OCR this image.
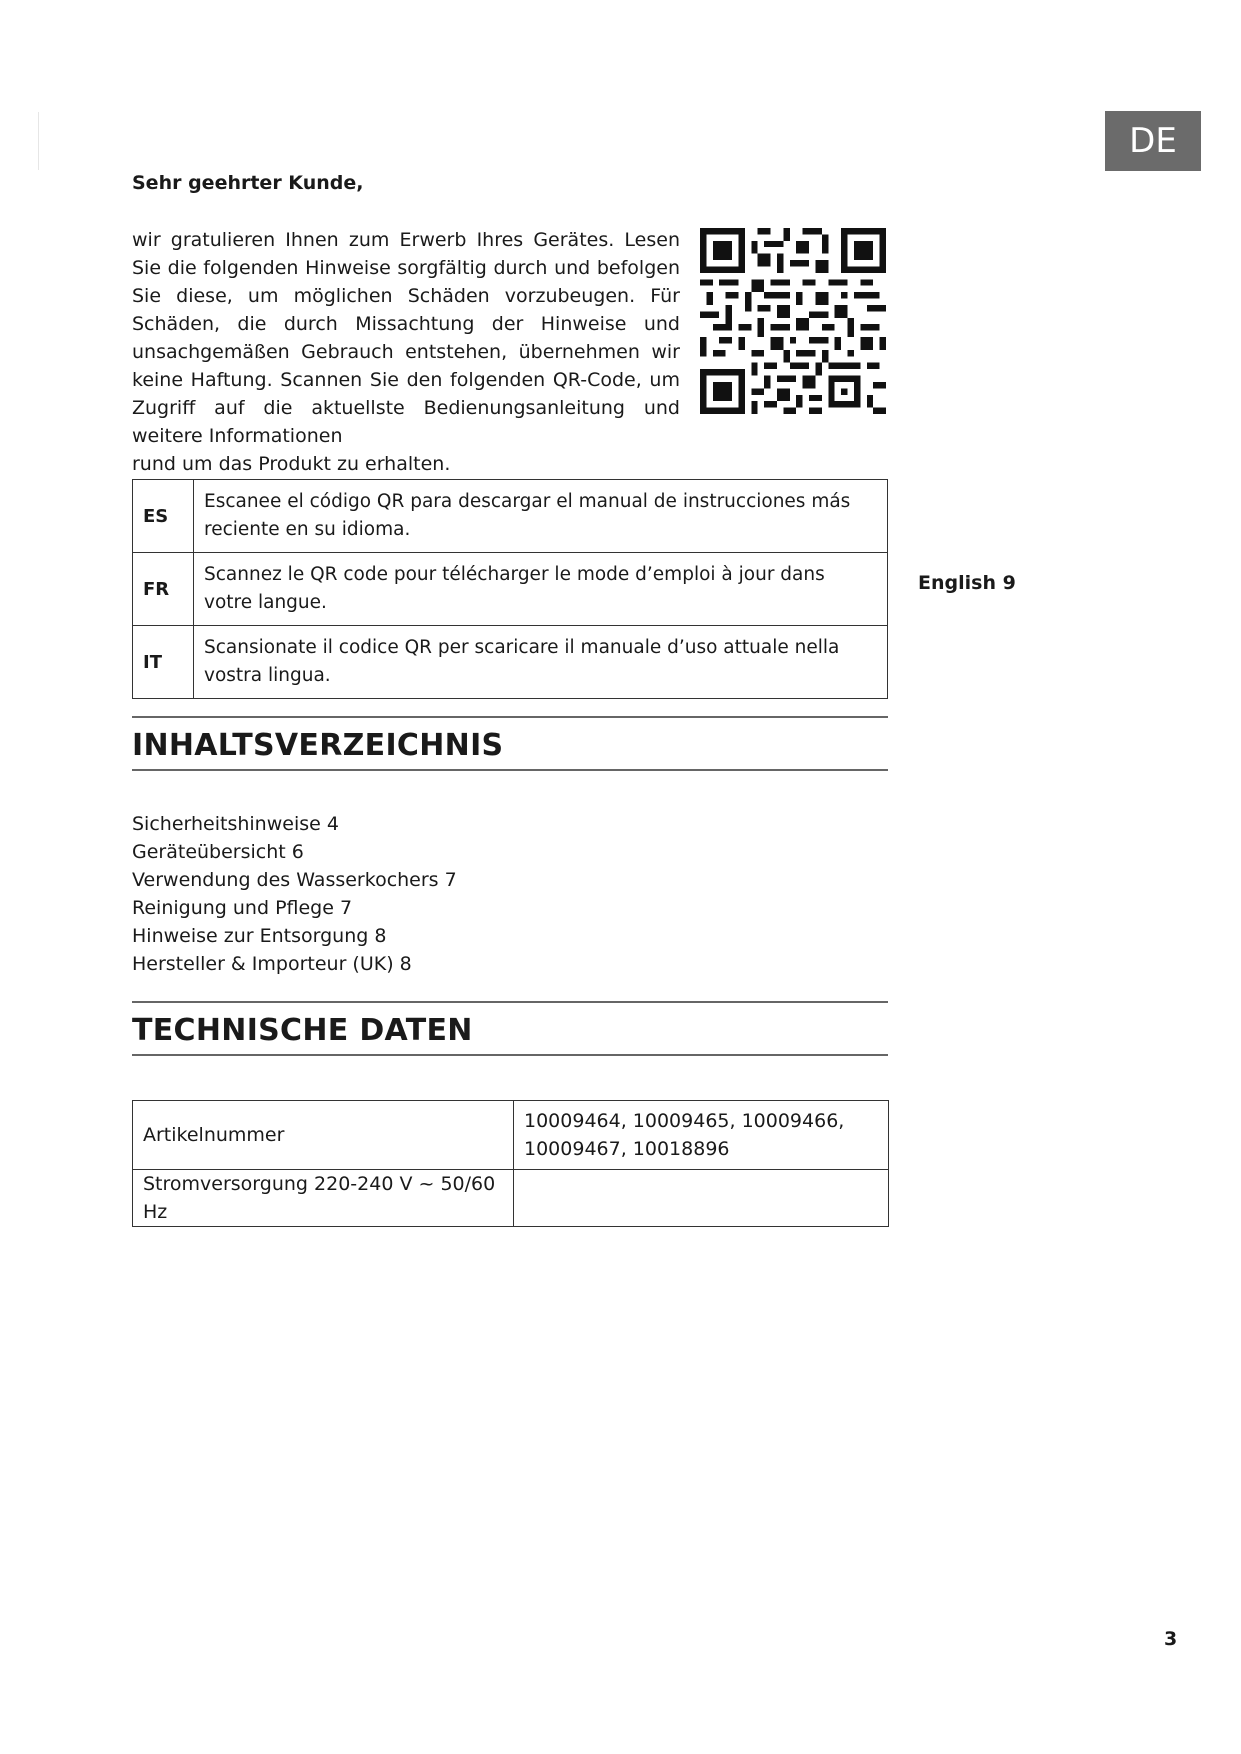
DE
Sehr geehrter Kunde,
wir gratulieren Ihnen zum Erwerb Ihres Gerätes. Lesen Sie die folgenden Hinweise sorgfältig durch und befolgen Sie diese, um möglichen Schäden vorzubeugen. Für Schäden, die durch Missachtung der Hinweise und unsachgemäßen Gebrauch entstehen, übernehmen wir keine Haftung. Scannen Sie den folgenden QR-Code, um Zugriff auf die aktuellste Bedienungsanleitung und weitere Informationen
rund um das Produkt zu erhalten.
ES	Escanee el código QR para descargar el manual de instrucciones más reciente en su idioma.
FR	Scannez le QR code pour télécharger le mode d’emploi à jour dans votre langue.
IT	Scansionate il codice QR per scaricare il manuale d’uso attuale nella vostra lingua.
English 9
INHALTSVERZEICHNIS
Sicherheitshinweise 4
Geräteübersicht 6
Verwendung des Wasserkochers 7
Reinigung und Pflege 7
Hinweise zur Entsorgung 8
Hersteller & Importeur (UK) 8
TECHNISCHE DATEN
Artikelnummer	10009464, 10009465, 10009466,
10009467, 10018896

Stromversorgung 220-240 V ~ 50/60 Hz	
3
